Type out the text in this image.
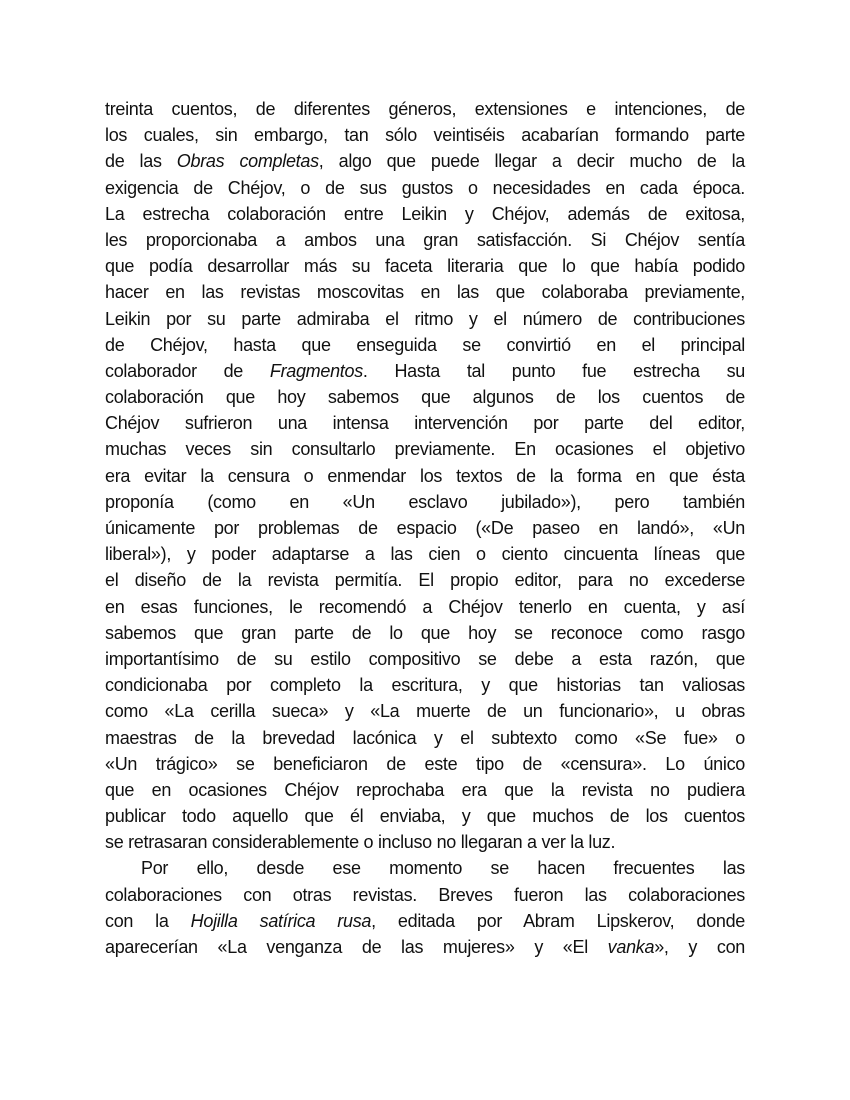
treinta cuentos, de diferentes géneros, extensiones e intenciones, de
los cuales, sin embargo, tan sólo veintiséis acabarían formando parte
de las Obras completas, algo que puede llegar a decir mucho de la
exigencia de Chéjov, o de sus gustos o necesidades en cada época.
La estrecha colaboración entre Leikin y Chéjov, además de exitosa,
les proporcionaba a ambos una gran satisfacción. Si Chéjov sentía
que podía desarrollar más su faceta literaria que lo que había podido
hacer en las revistas moscovitas en las que colaboraba previamente,
Leikin por su parte admiraba el ritmo y el número de contribuciones
de Chéjov, hasta que enseguida se convirtió en el principal
colaborador de Fragmentos. Hasta tal punto fue estrecha su
colaboración que hoy sabemos que algunos de los cuentos de
Chéjov sufrieron una intensa intervención por parte del editor,
muchas veces sin consultarlo previamente. En ocasiones el objetivo
era evitar la censura o enmendar los textos de la forma en que ésta
proponía (como en «Un esclavo jubilado»), pero también
únicamente por problemas de espacio («De paseo en landó», «Un
liberal»), y poder adaptarse a las cien o ciento cincuenta líneas que
el diseño de la revista permitía. El propio editor, para no excederse
en esas funciones, le recomendó a Chéjov tenerlo en cuenta, y así
sabemos que gran parte de lo que hoy se reconoce como rasgo
importantísimo de su estilo compositivo se debe a esta razón, que
condicionaba por completo la escritura, y que historias tan valiosas
como «La cerilla sueca» y «La muerte de un funcionario», u obras
maestras de la brevedad lacónica y el subtexto como «Se fue» o
«Un trágico» se beneficiaron de este tipo de «censura». Lo único
que en ocasiones Chéjov reprochaba era que la revista no pudiera
publicar todo aquello que él enviaba, y que muchos de los cuentos
se retrasaran considerablemente o incluso no llegaran a ver la luz.
Por ello, desde ese momento se hacen frecuentes las
colaboraciones con otras revistas. Breves fueron las colaboraciones
con la Hojilla satírica rusa, editada por Abram Lipskerov, donde
aparecerían «La venganza de las mujeres» y «El vanka», y con
